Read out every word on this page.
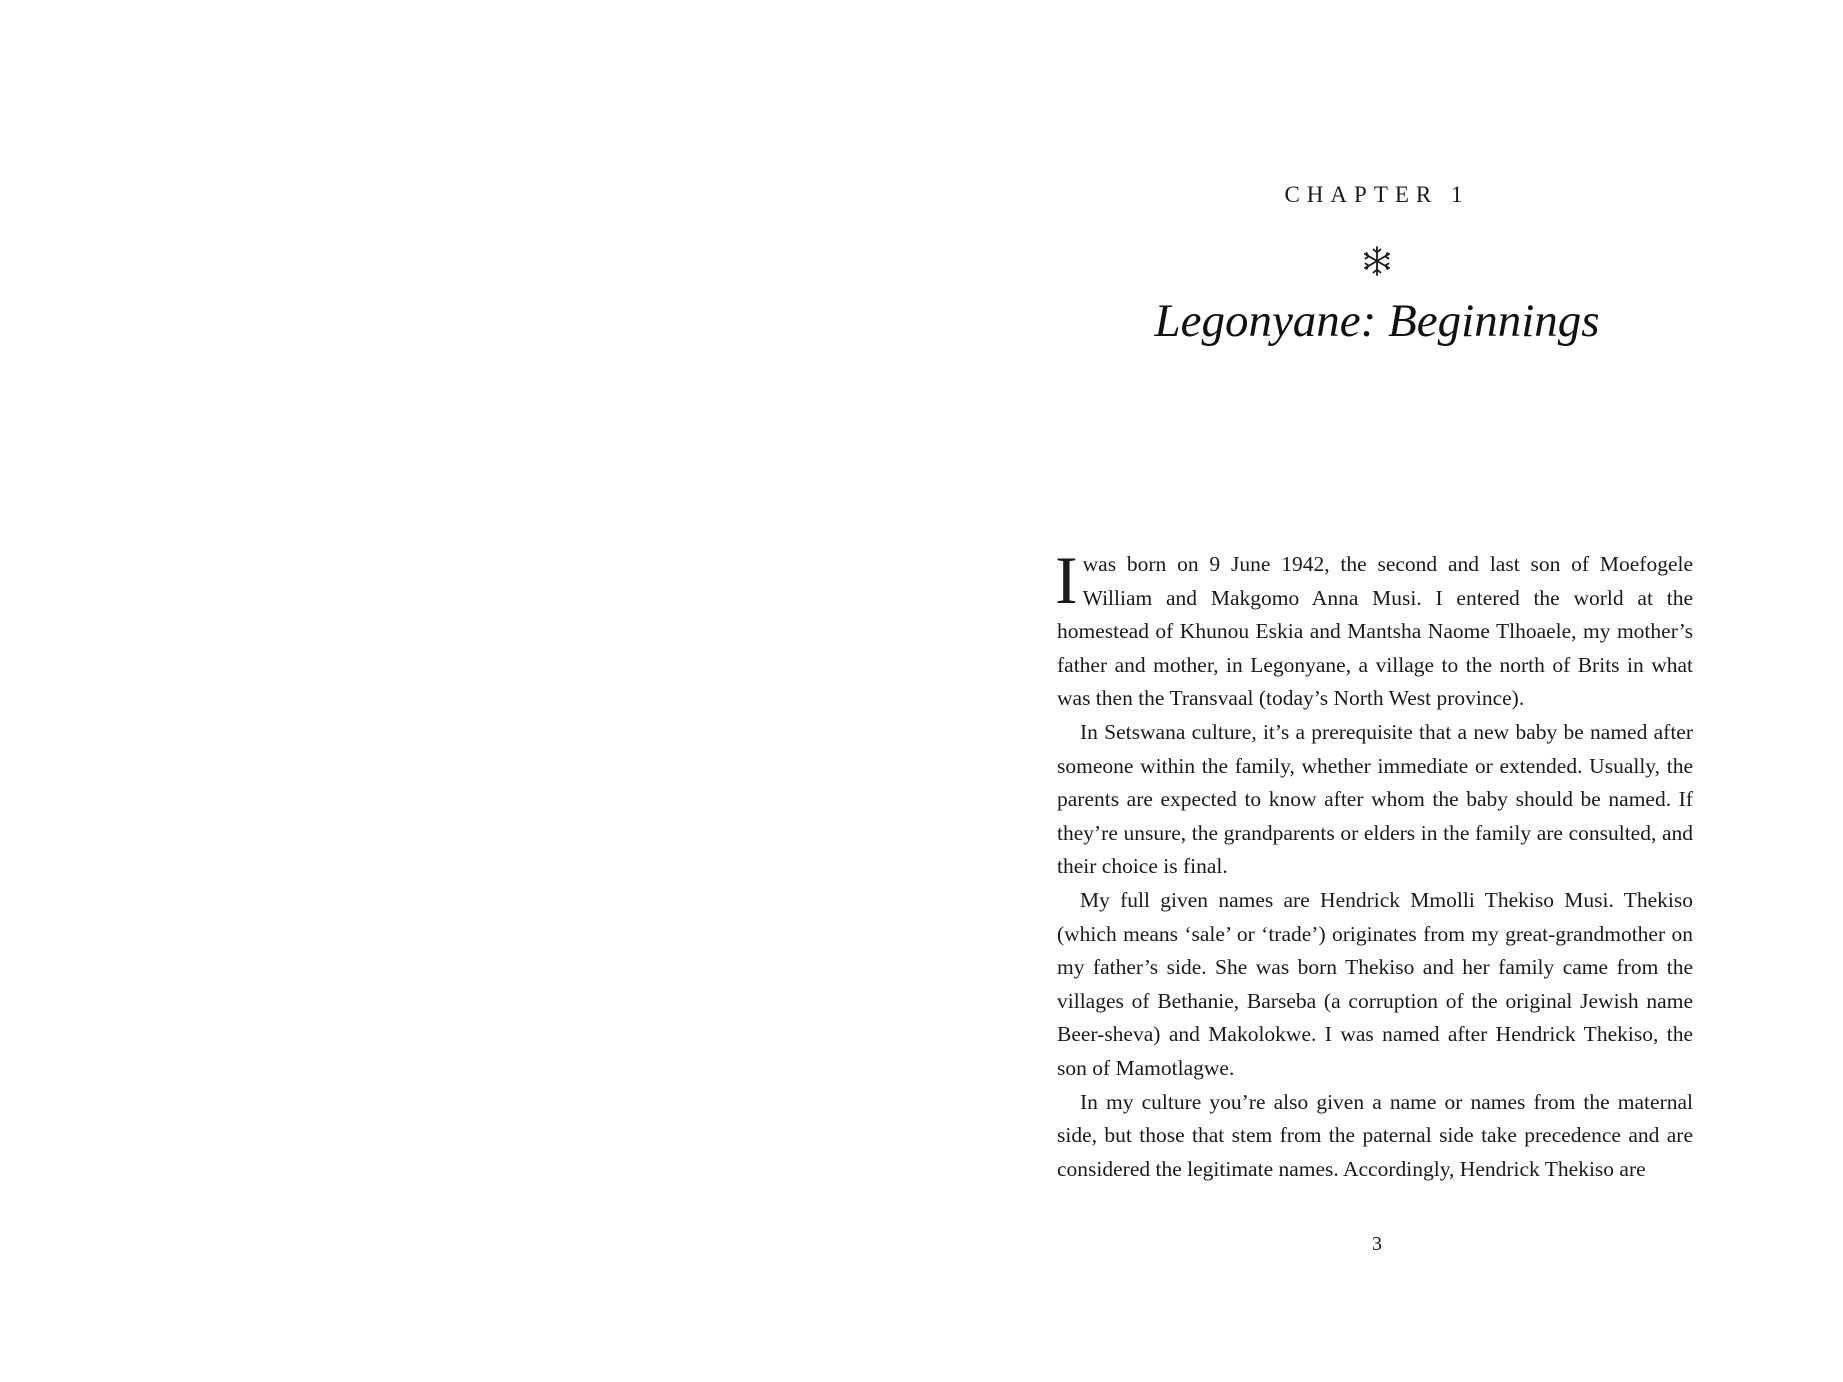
CHAPTER 1
Legonyane: Beginnings

I was born on 9 June 1942, the second and last son of Moefogele William and Makgomo Anna Musi. I entered the world at the homestead of Khunou Eskia and Mantsha Naome Tlhoaele, my mother’s father and mother, in Legonyane, a village to the north of Brits in what was then the Transvaal (today’s North West province).

In Setswana culture, it’s a prerequisite that a new baby be named after someone within the family, whether immediate or extended. Usually, the parents are expected to know after whom the baby should be named. If they’re unsure, the grandparents or elders in the family are consulted, and their choice is final.

My full given names are Hendrick Mmolli Thekiso Musi. Thekiso (which means ‘sale’ or ‘trade’) originates from my great-grandmother on my father’s side. She was born Thekiso and her family came from the villages of Bethanie, Barseba (a corruption of the original Jewish name Beer-sheva) and Makolokwe. I was named after Hendrick Thekiso, the son of Mamotlagwe.

In my culture you’re also given a name or names from the maternal side, but those that stem from the paternal side take precedence and are considered the legitimate names. Accordingly, Hendrick Thekiso are

3
